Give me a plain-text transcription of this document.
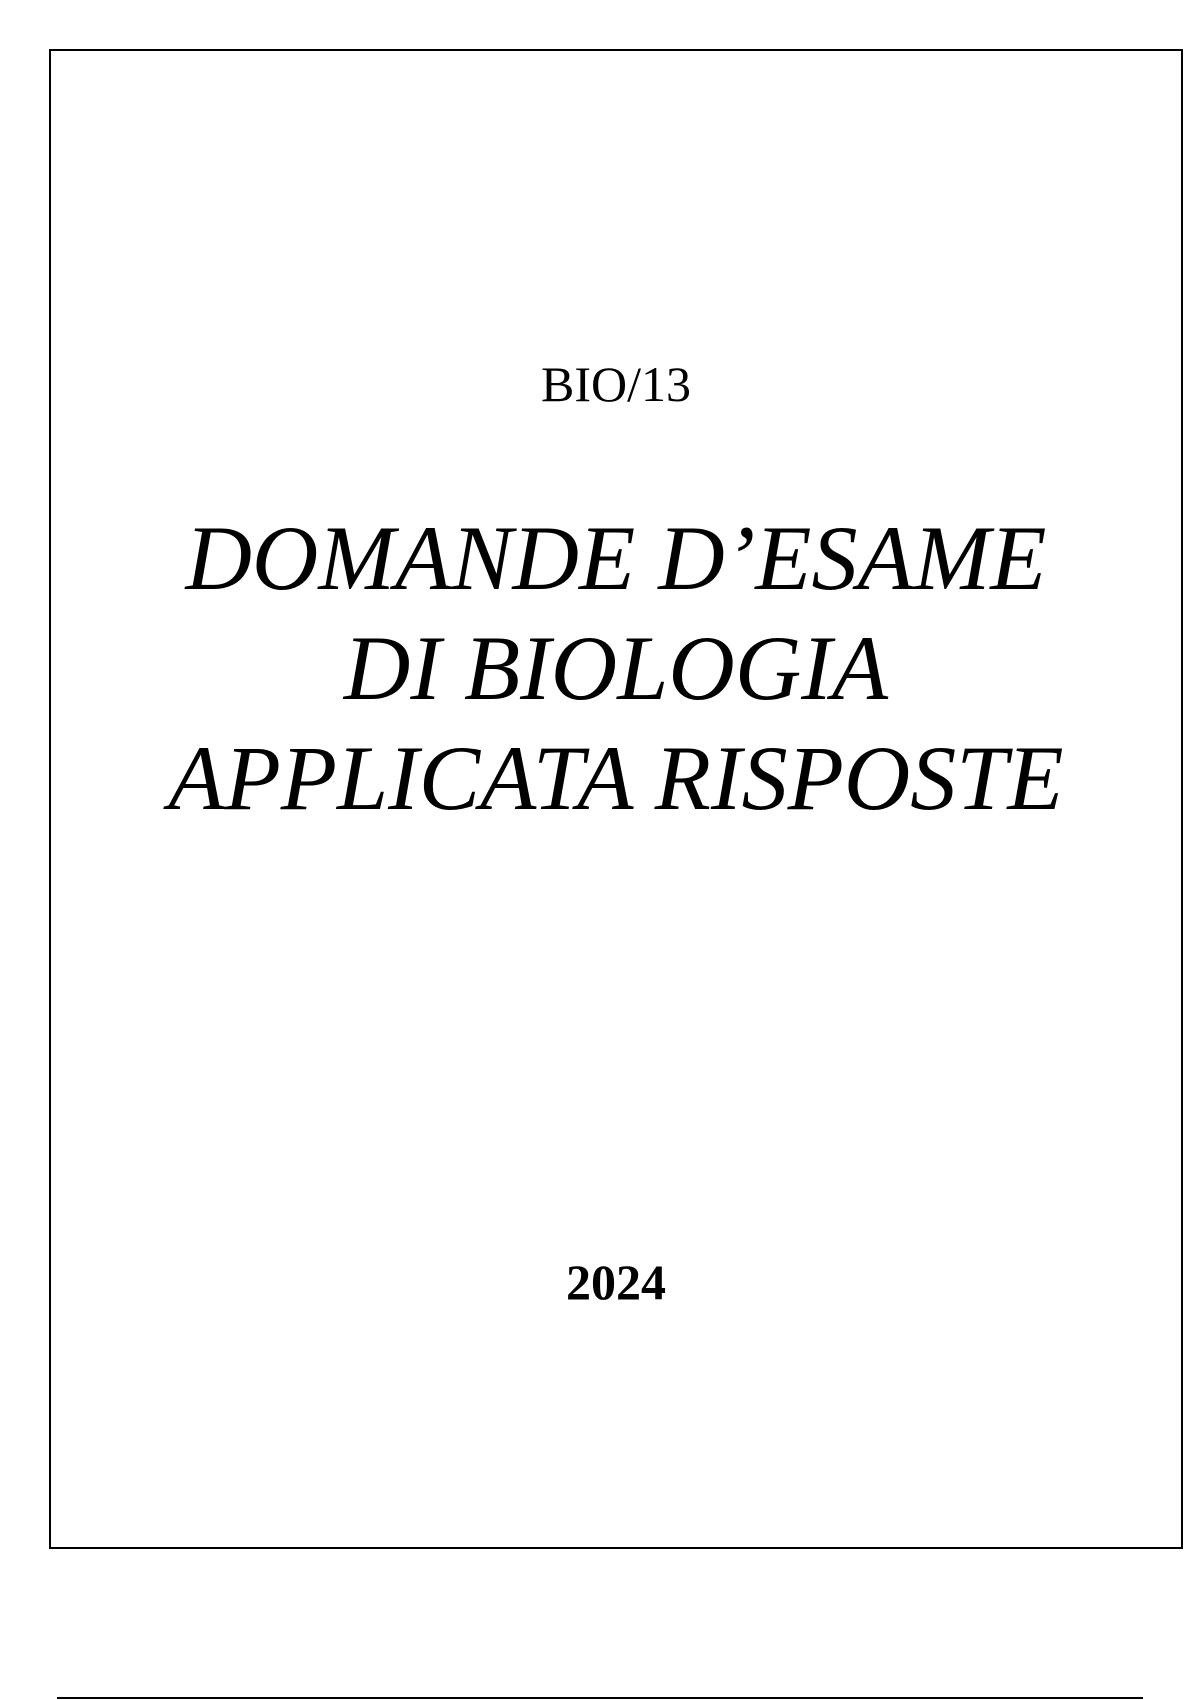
BIO/13
DOMANDE D’ESAME
DI BIOLOGIA
APPLICATA RISPOSTE
2024
